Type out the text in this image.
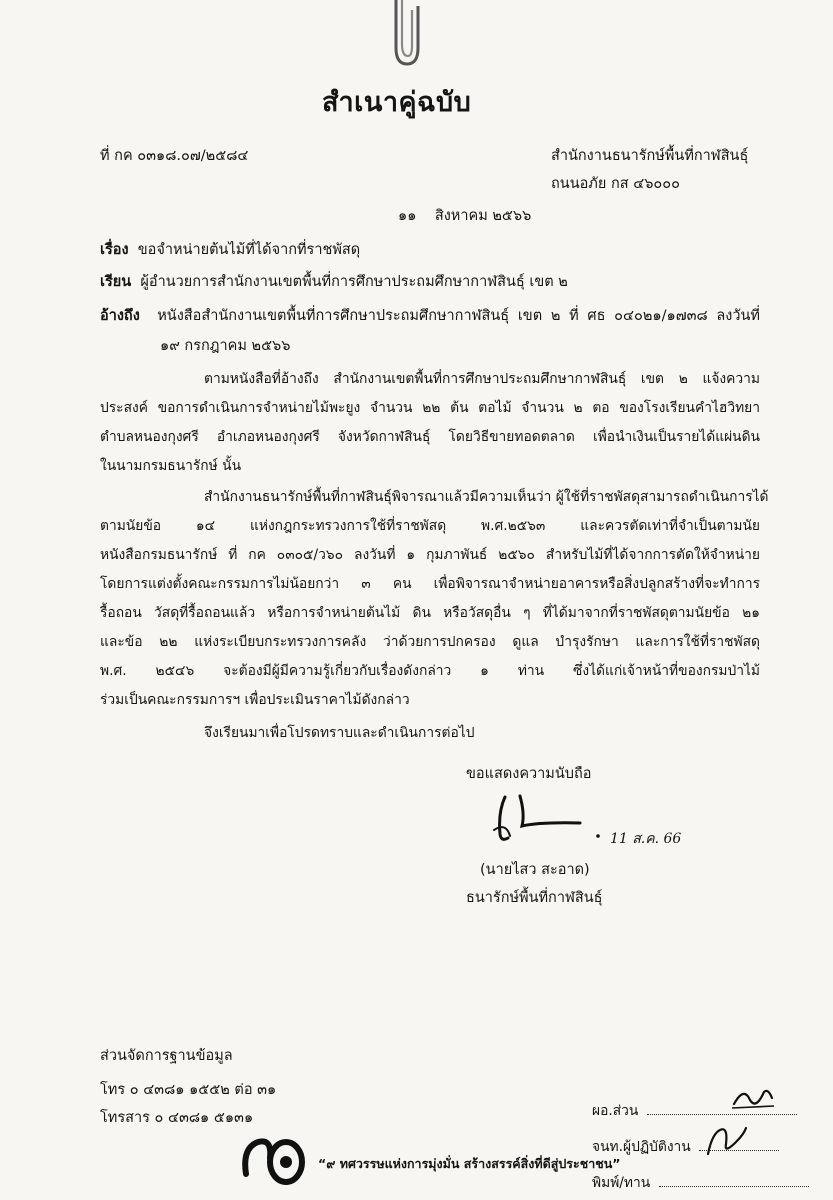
สำเนาคู่ฉบับ
ที่ กค ๐๓๑๘.๐๗/๒๕๘๔	สำนักงานธนารักษ์พื้นที่กาฬสินธุ์
ถนนอภัย กส ๔๖๐๐๐
๑๑ สิงหาคม ๒๕๖๖
เรื่อง ขอจำหน่ายต้นไม้ที่ได้จากที่ราชพัสดุ
เรียน ผู้อำนวยการสำนักงานเขตพื้นที่การศึกษาประถมศึกษากาฬสินธุ์ เขต ๒
อ้างถึง หนังสือสำนักงานเขตพื้นที่การศึกษาประถมศึกษากาฬสินธุ์ เขต ๒ ที่ ศธ ๐๔๐๒๑/๑๗๓๘ ลงวันที่
๑๙ กรกฎาคม ๒๕๖๖
ตามหนังสือที่อ้างถึง สำนักงานเขตพื้นที่การศึกษาประถมศึกษากาฬสินธุ์ เขต ๒ แจ้งความ
ประสงค์ ขอการดำเนินการจำหน่ายไม้พะยูง จำนวน ๒๒ ต้น ตอไม้ จำนวน ๒ ตอ ของโรงเรียนคำไฮวิทยา
ตำบลหนองกุงศรี อำเภอหนองกุงศรี จังหวัดกาฬสินธุ์ โดยวิธีขายทอดตลาด เพื่อนำเงินเป็นรายได้แผ่นดิน
ในนามกรมธนารักษ์ นั้น
สำนักงานธนารักษ์พื้นที่กาฬสินธุ์พิจารณาแล้วมีความเห็นว่า ผู้ใช้ที่ราชพัสดุสามารถดำเนินการได้
ตามนัยข้อ ๑๔ แห่งกฎกระทรวงการใช้ที่ราชพัสดุ พ.ศ.๒๕๖๓ และควรตัดเท่าที่จำเป็นตามนัย
หนังสือกรมธนารักษ์ ที่ กค ๐๓๐๕/ว๖๐ ลงวันที่ ๑ กุมภาพันธ์ ๒๕๖๐ สำหรับไม้ที่ได้จากการตัดให้จำหน่าย
โดยการแต่งตั้งคณะกรรมการไม่น้อยกว่า ๓ คน เพื่อพิจารณาจำหน่ายอาคารหรือสิ่งปลูกสร้างที่จะทำการ
รื้อถอน วัสดุที่รื้อถอนแล้ว หรือการจำหน่ายต้นไม้ ดิน หรือวัสดุอื่น ๆ ที่ได้มาจากที่ราชพัสดุตามนัยข้อ ๒๑
และข้อ ๒๒ แห่งระเบียบกระทรวงการคลัง ว่าด้วยการปกครอง ดูแล บำรุงรักษา และการใช้ที่ราชพัสดุ
พ.ศ. ๒๕๔๖ จะต้องมีผู้มีความรู้เกี่ยวกับเรื่องดังกล่าว ๑ ท่าน ซึ่งได้แก่เจ้าหน้าที่ของกรมป่าไม้
ร่วมเป็นคณะกรรมการฯ เพื่อประเมินราคาไม้ดังกล่าว
จึงเรียนมาเพื่อโปรดทราบและดำเนินการต่อไป
ขอแสดงความนับถือ
11 ส.ค. 66
(นายไสว สะอาด)
ธนารักษ์พื้นที่กาฬสินธุ์
ส่วนจัดการฐานข้อมูล
โทร ๐ ๔๓๘๑ ๑๕๕๒ ต่อ ๓๑
โทรสาร ๐ ๔๓๘๑ ๕๑๓๑	ผอ.ส่วน
จนท.ผู้ปฏิบัติงาน
พิมพ์/ทาน
“๙ ทศวรรษแห่งการมุ่งมั่น สร้างสรรค์สิ่งที่ดีสู่ประชาชน”
